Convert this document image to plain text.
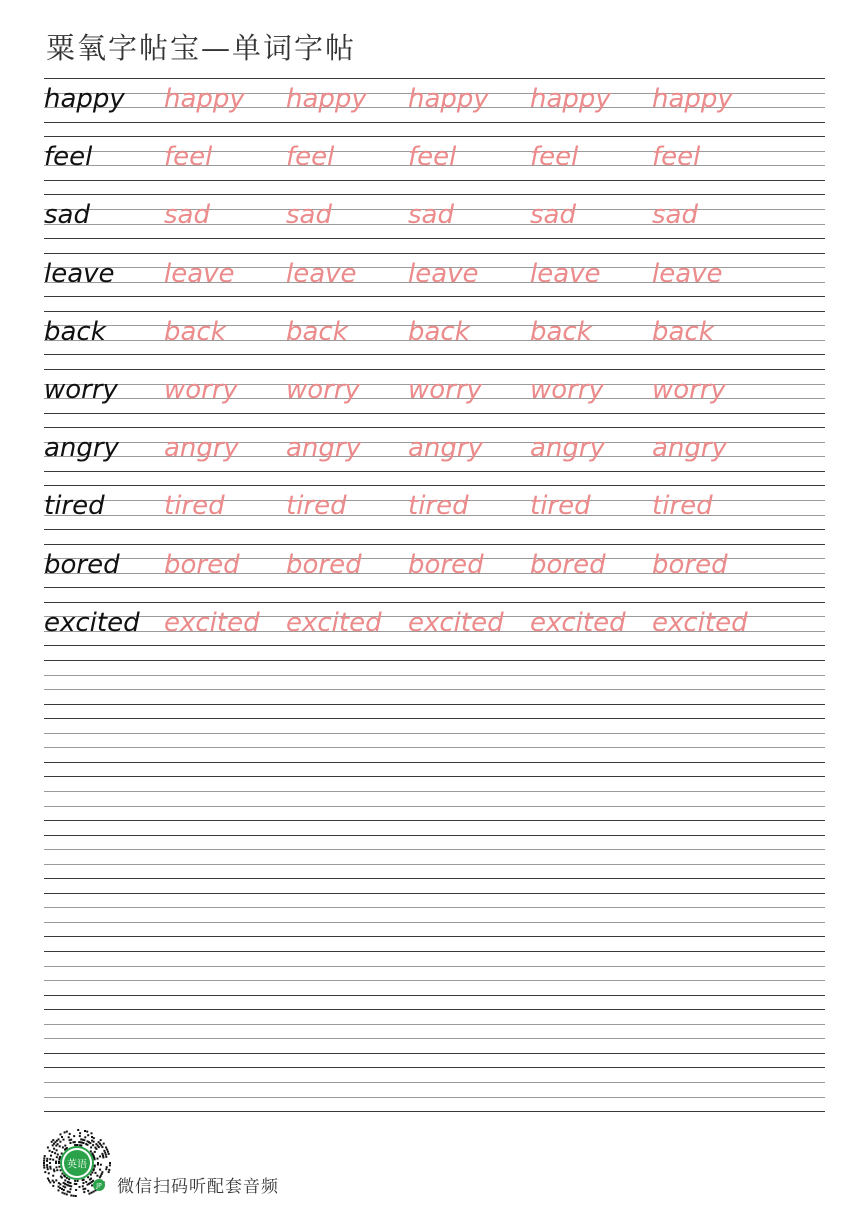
粟氧字帖宝—单词字帖
happy happy happy happy happy happy
feel	feel	feel	feel	feel	feel
sad	sad	sad	sad	sad	sad
leave leave leave leave leave leave
back back back back back back
worry worry worry worry worry worry
angry angry angry angry angry angry
tired tired tired tired tired tired
bored bored bored bored bored bored
excited excited excited excited excited excited
英语
JP 微信扫码听配套音频
